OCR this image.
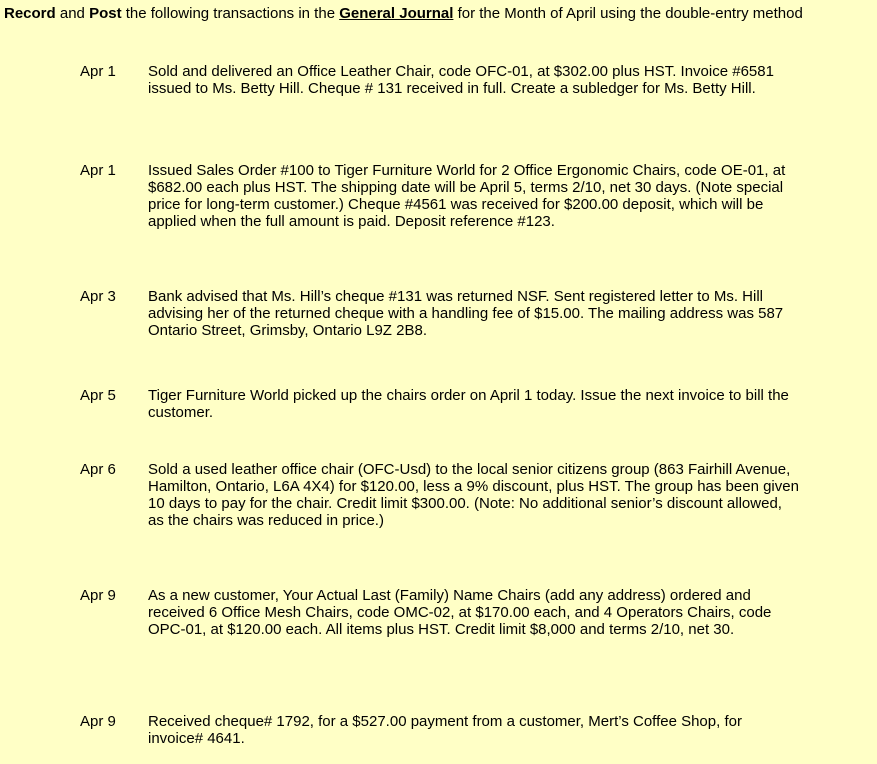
Record and Post the following transactions in the General Journal for the Month of April using the double-entry method
Apr 1	Sold and delivered an Office Leather Chair, code OFC-01, at $302.00 plus HST. Invoice #6581 issued to Ms. Betty Hill. Cheque # 131 received in full. Create a subledger for Ms. Betty Hill.
Apr 1	Issued Sales Order #100 to Tiger Furniture World for 2 Office Ergonomic Chairs, code OE-01, at $682.00 each plus HST. The shipping date will be April 5, terms 2/10, net 30 days. (Note special price for long-term customer.) Cheque #4561 was received for $200.00 deposit, which will be applied when the full amount is paid. Deposit reference #123.
Apr 3	Bank advised that Ms. Hill’s cheque #131 was returned NSF. Sent registered letter to Ms. Hill advising her of the returned cheque with a handling fee of $15.00. The mailing address was 587 Ontario Street, Grimsby, Ontario L9Z 2B8.
Apr 5	Tiger Furniture World picked up the chairs order on April 1 today. Issue the next invoice to bill the customer.
Apr 6	Sold a used leather office chair (OFC-Usd) to the local senior citizens group (863 Fairhill Avenue, Hamilton, Ontario, L6A 4X4) for $120.00, less a 9% discount, plus HST. The group has been given 10 days to pay for the chair. Credit limit $300.00. (Note: No additional senior’s discount allowed, as the chairs was reduced in price.)
Apr 9	As a new customer, Your Actual Last (Family) Name Chairs (add any address) ordered and received 6 Office Mesh Chairs, code OMC-02, at $170.00 each, and 4 Operators Chairs, code OPC-01, at $120.00 each. All items plus HST. Credit limit $8,000 and terms 2/10, net 30.
Apr 9	Received cheque# 1792, for a $527.00 payment from a customer, Mert’s Coffee Shop, for invoice# 4641.
